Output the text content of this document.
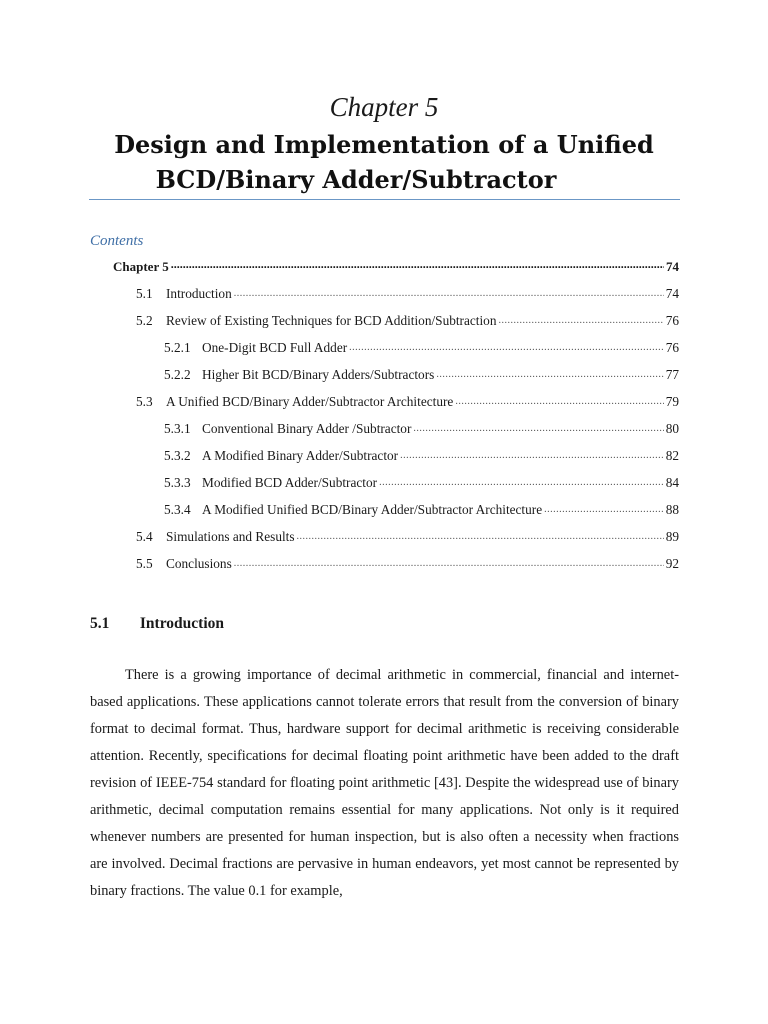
Chapter 5
Design and Implementation of a Unified
BCD/Binary Adder/Subtractor
Contents
Chapter 5 .....	74
5.1	Introduction .....	74
5.2	Review of Existing Techniques for BCD Addition/Subtraction .....	76
5.2.1 One-Digit BCD Full Adder .....	76
5.2.2 Higher Bit BCD/Binary Adders/Subtractors .....	77
5.3	A Unified BCD/Binary Adder/Subtractor Architecture .....	79
5.3.1 Conventional Binary Adder /Subtractor .....	80
5.3.2 A Modified Binary Adder/Subtractor .....	82
5.3.3 Modified BCD Adder/Subtractor .....	84
5.3.4 A Modified Unified BCD/Binary Adder/Subtractor Architecture .....	88
5.4	Simulations and Results .....	89
5.5	Conclusions .....	92
5.1 Introduction

There is a growing importance of decimal arithmetic in commercial, financial and internet-based applications. These applications cannot tolerate errors that result from the conversion of binary format to decimal format. Thus, hardware support for decimal arithmetic is receiving considerable attention. Recently, specifications for decimal floating point arithmetic have been added to the draft revision of IEEE-754 standard for floating point arithmetic [43]. Despite the widespread use of binary arithmetic, decimal computation remains essential for many applications. Not only is it required whenever numbers are presented for human inspection, but is also often a necessity when fractions are involved. Decimal fractions are pervasive in human endeavors, yet most cannot be represented by binary fractions. The value 0.1 for example,
